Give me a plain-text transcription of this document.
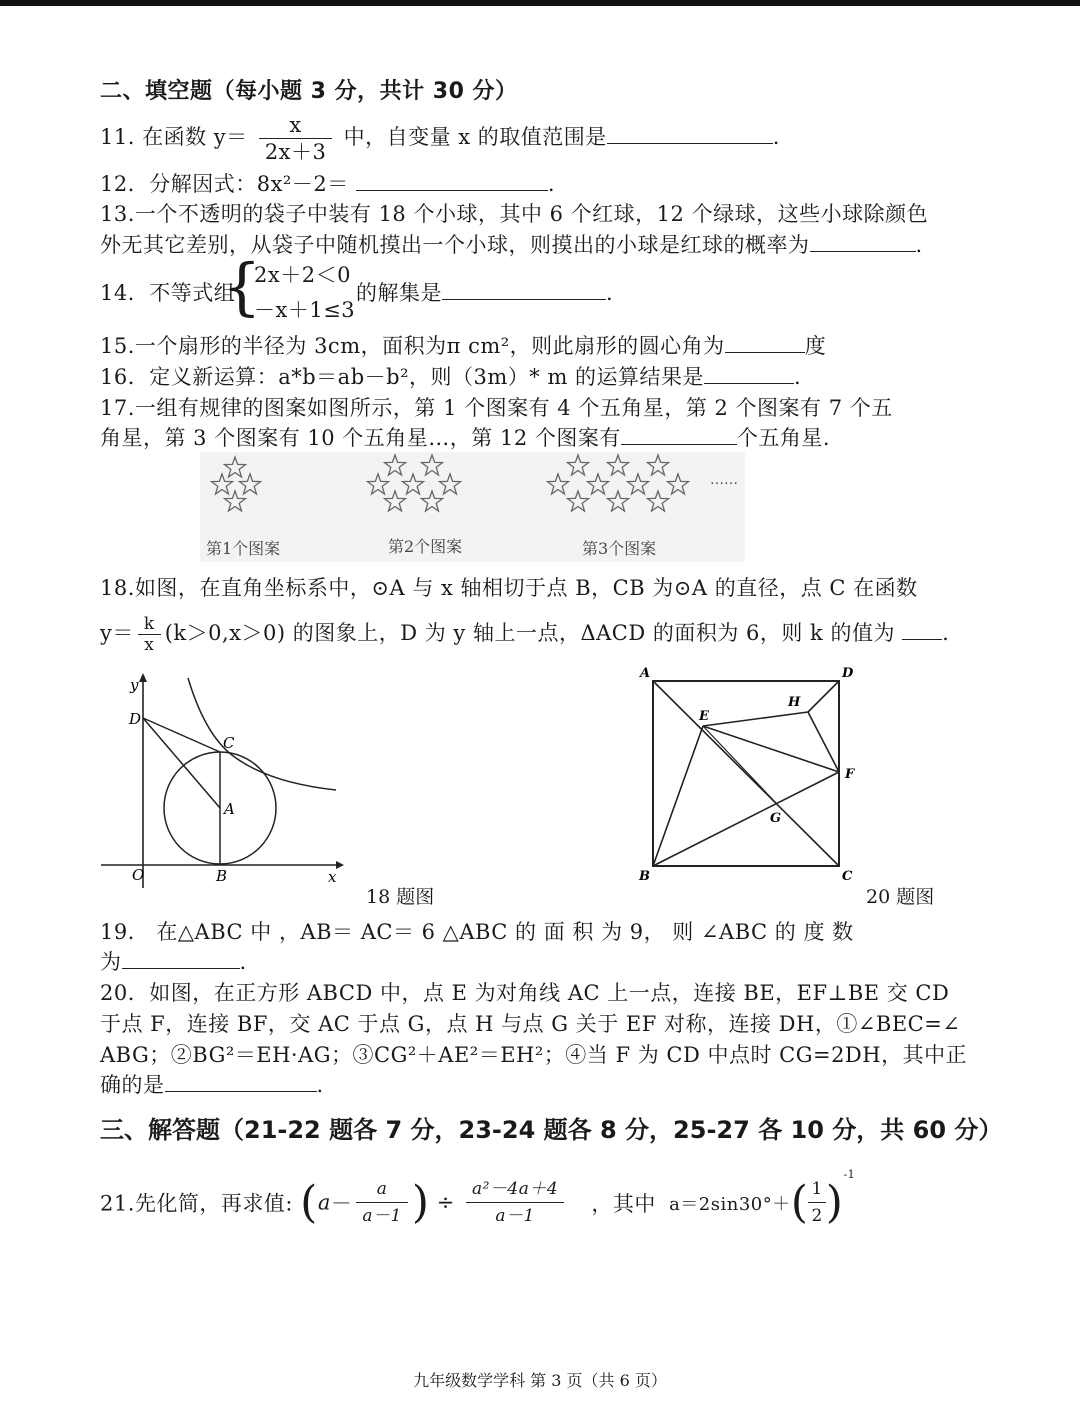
二、填空题（每小题 3 分，共计 30 分）
11. 在函数 $y= \frac{x}{2x+3}$ 中，自变量 x 的取值范围是	.
12．分解因式：8x²－2＝	.
13.一个不透明的袋子中装有 18 个小球，其中 6 个红球，12 个绿球，这些小球除颜色
外无其它差别，从袋子中随机摸出一个小球，则摸出的小球是红球的概率为	.
14．不等式组
{
2x＋2＜0
－x＋1≤3
的解集是	.
15.一个扇形的半径为 3cm，面积为π cm²，则此扇形的圆心角为	度
16．定义新运算：a*b＝ab－b²，则（3m）* m 的运算结果是	.
17.一组有规律的图案如图所示，第 1 个图案有 4 个五角星，第 2 个图案有 7 个五
角星，第 3 个图案有 10 个五角星…，第 12 个图案有	个五角星.
……
第1个图案	第2个图案	第3个图案
18.如图，在直角坐标系中，⊙A 与 x 轴相切于点 B，CB 为⊙A 的直径，点 C 在函数
$y= \frac{k}{x} (k>0,x>0)$ 的图象上，D 为 y 轴上一点，ΔACD 的面积为 6，则 k 的值为 .
y
x
O	B
A
C
D
18 题图
A	D
B	C
E
F
G
H
20 题图
19． 在△ABC 中 ，AB＝ AC＝ 6 △ABC 的 面 积 为 9， 则 ∠ABC 的 度 数
为	.
20．如图，在正方形 ABCD 中，点 E 为对角线 AC 上一点，连接 BE，EF⊥BE 交 CD
于点 F，连接 BF，交 AC 于点 G，点 H 与点 G 关于 EF 对称，连接 DH，①∠BEC=∠
ABG；②BG²＝EH·AG；③CG²＋AE²＝EH²；④当 F 为 CD 中点时 CG=2DH，其中正
确的是	.
三、解答题（21-22 题各 7 分，23-24 题各 8 分，25-27 各 10 分，共 60 分）
21.先化简，再求值: ($a- \frac{a}{a-1}$ ) ÷ $\frac{\text{a²－4a＋4}}{a-1}$ ，其中 $a=2\sin 30^\circ+( \frac{1}{2} )^{-1}$
九年级数学学科 第 3 页（共 6 页）
